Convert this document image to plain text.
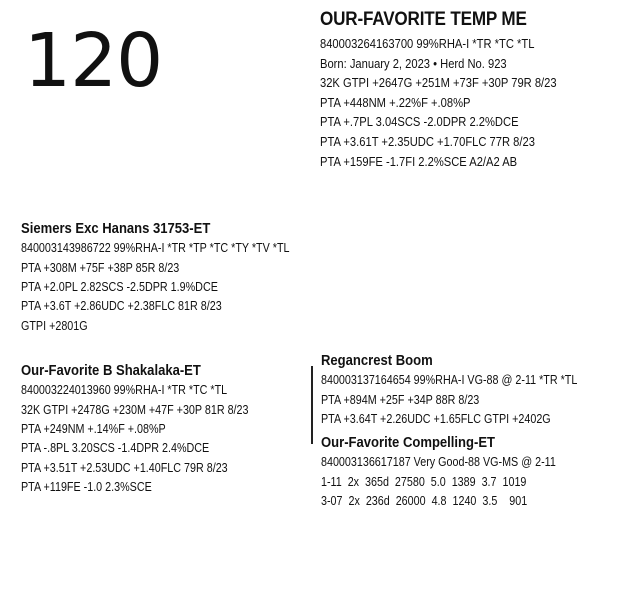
120	OUR-FAVORITE TEMP ME

840003264163700 99%RHA-I *TR *TC *TL

Born: January 2, 2023 • Herd No. 923

32K GTPI +2647G +251M +73F +30P 79R 8/23

PTA +448NM +.22%F +.08%P

PTA +.7PL 3.04SCS -2.0DPR 2.2%DCE

PTA +3.61T +2.35UDC +1.70FLC 77R 8/23

PTA +159FE -1.7FI 2.2%SCE A2/A2 AB

Siemers Exc Hanans 31753-ET

840003143986722 99%RHA-I *TR *TP *TC *TY *TV *TL

PTA +308M +75F +38P 85R 8/23

PTA +2.0PL 2.82SCS -2.5DPR 1.9%DCE

PTA +3.6T +2.86UDC +2.38FLC 81R 8/23

GTPI +2801G

Our-Favorite B Shakalaka-ET

840003224013960 99%RHA-I *TR *TC *TL

32K GTPI +2478G +230M +47F +30P 81R 8/23

PTA +249NM +.14%F +.08%P

PTA -.8PL 3.20SCS -1.4DPR 2.4%DCE

PTA +3.51T +2.53UDC +1.40FLC 79R 8/23

PTA +119FE -1.0 2.3%SCE

Regancrest Boom

840003137164654 99%RHA-I VG-88 @ 2-11 *TR *TL

PTA +894M +25F +34P 88R 8/23

PTA +3.64T +2.26UDC +1.65FLC GTPI +2402G

Our-Favorite Compelling-ET

840003136617187 Very Good-88 VG-MS @ 2-11

1-11  2x  365d  27580  5.0  1389  3.7  1019

3-07  2x  236d  26000  4.8  1240  3.5    901
